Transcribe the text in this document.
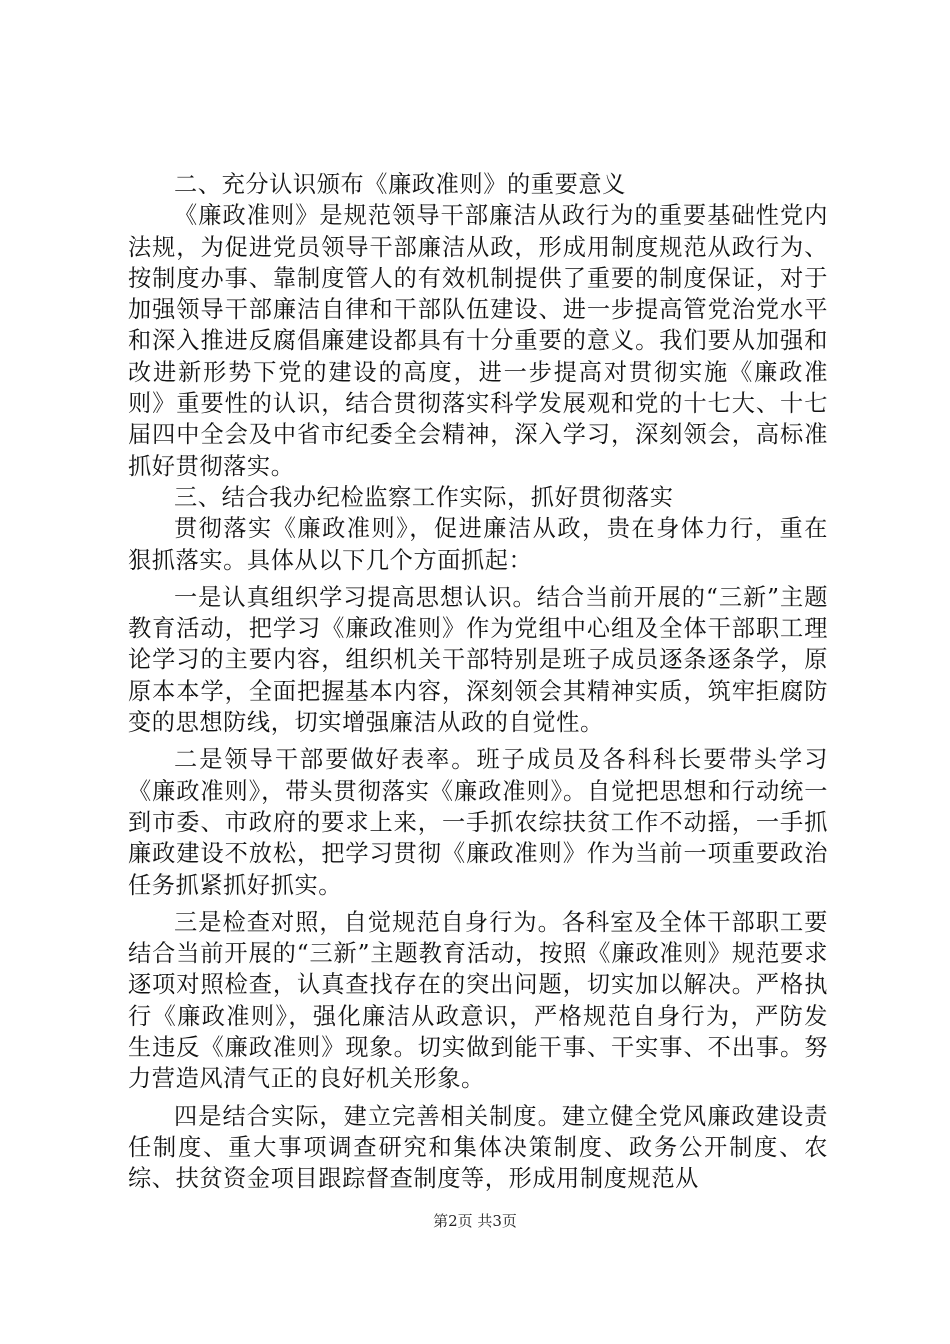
二、充分认识颁布《廉政准则》的重要意义

《廉政准则》是规范领导干部廉洁从政行为的重要基础性党内法规，为促进党员领导干部廉洁从政，形成用制度规范从政行为、按制度办事、靠制度管人的有效机制提供了重要的制度保证，对于加强领导干部廉洁自律和干部队伍建设、进一步提高管党治党水平和深入推进反腐倡廉建设都具有十分重要的意义。我们要从加强和改进新形势下党的建设的高度，进一步提高对贯彻实施《廉政准则》重要性的认识，结合贯彻落实科学发展观和党的十七大、十七届四中全会及中省市纪委全会精神，深入学习，深刻领会，高标准抓好贯彻落实。

三、结合我办纪检监察工作实际，抓好贯彻落实

贯彻落实《廉政准则》，促进廉洁从政，贵在身体力行，重在狠抓落实。具体从以下几个方面抓起：

一是认真组织学习提高思想认识。结合当前开展的“三新”主题教育活动，把学习《廉政准则》作为党组中心组及全体干部职工理论学习的主要内容，组织机关干部特别是班子成员逐条逐条学，原原本本学，全面把握基本内容，深刻领会其精神实质，筑牢拒腐防变的思想防线，切实增强廉洁从政的自觉性。

二是领导干部要做好表率。班子成员及各科科长要带头学习《廉政准则》，带头贯彻落实《廉政准则》。自觉把思想和行动统一到市委、市政府的要求上来，一手抓农综扶贫工作不动摇，一手抓廉政建设不放松，把学习贯彻《廉政准则》作为当前一项重要政治任务抓紧抓好抓实。

三是检查对照，自觉规范自身行为。各科室及全体干部职工要结合当前开展的“三新”主题教育活动，按照《廉政准则》规范要求逐项对照检查，认真查找存在的突出问题，切实加以解决。严格执行《廉政准则》，强化廉洁从政意识，严格规范自身行为，严防发生违反《廉政准则》现象。切实做到能干事、干实事、不出事。努力营造风清气正的良好机关形象。

四是结合实际，建立完善相关制度。建立健全党风廉政建设责任制度、重大事项调查研究和集体决策制度、政务公开制度、农综、扶贫资金项目跟踪督查制度等，形成用制度规范从

第2页 共3页
